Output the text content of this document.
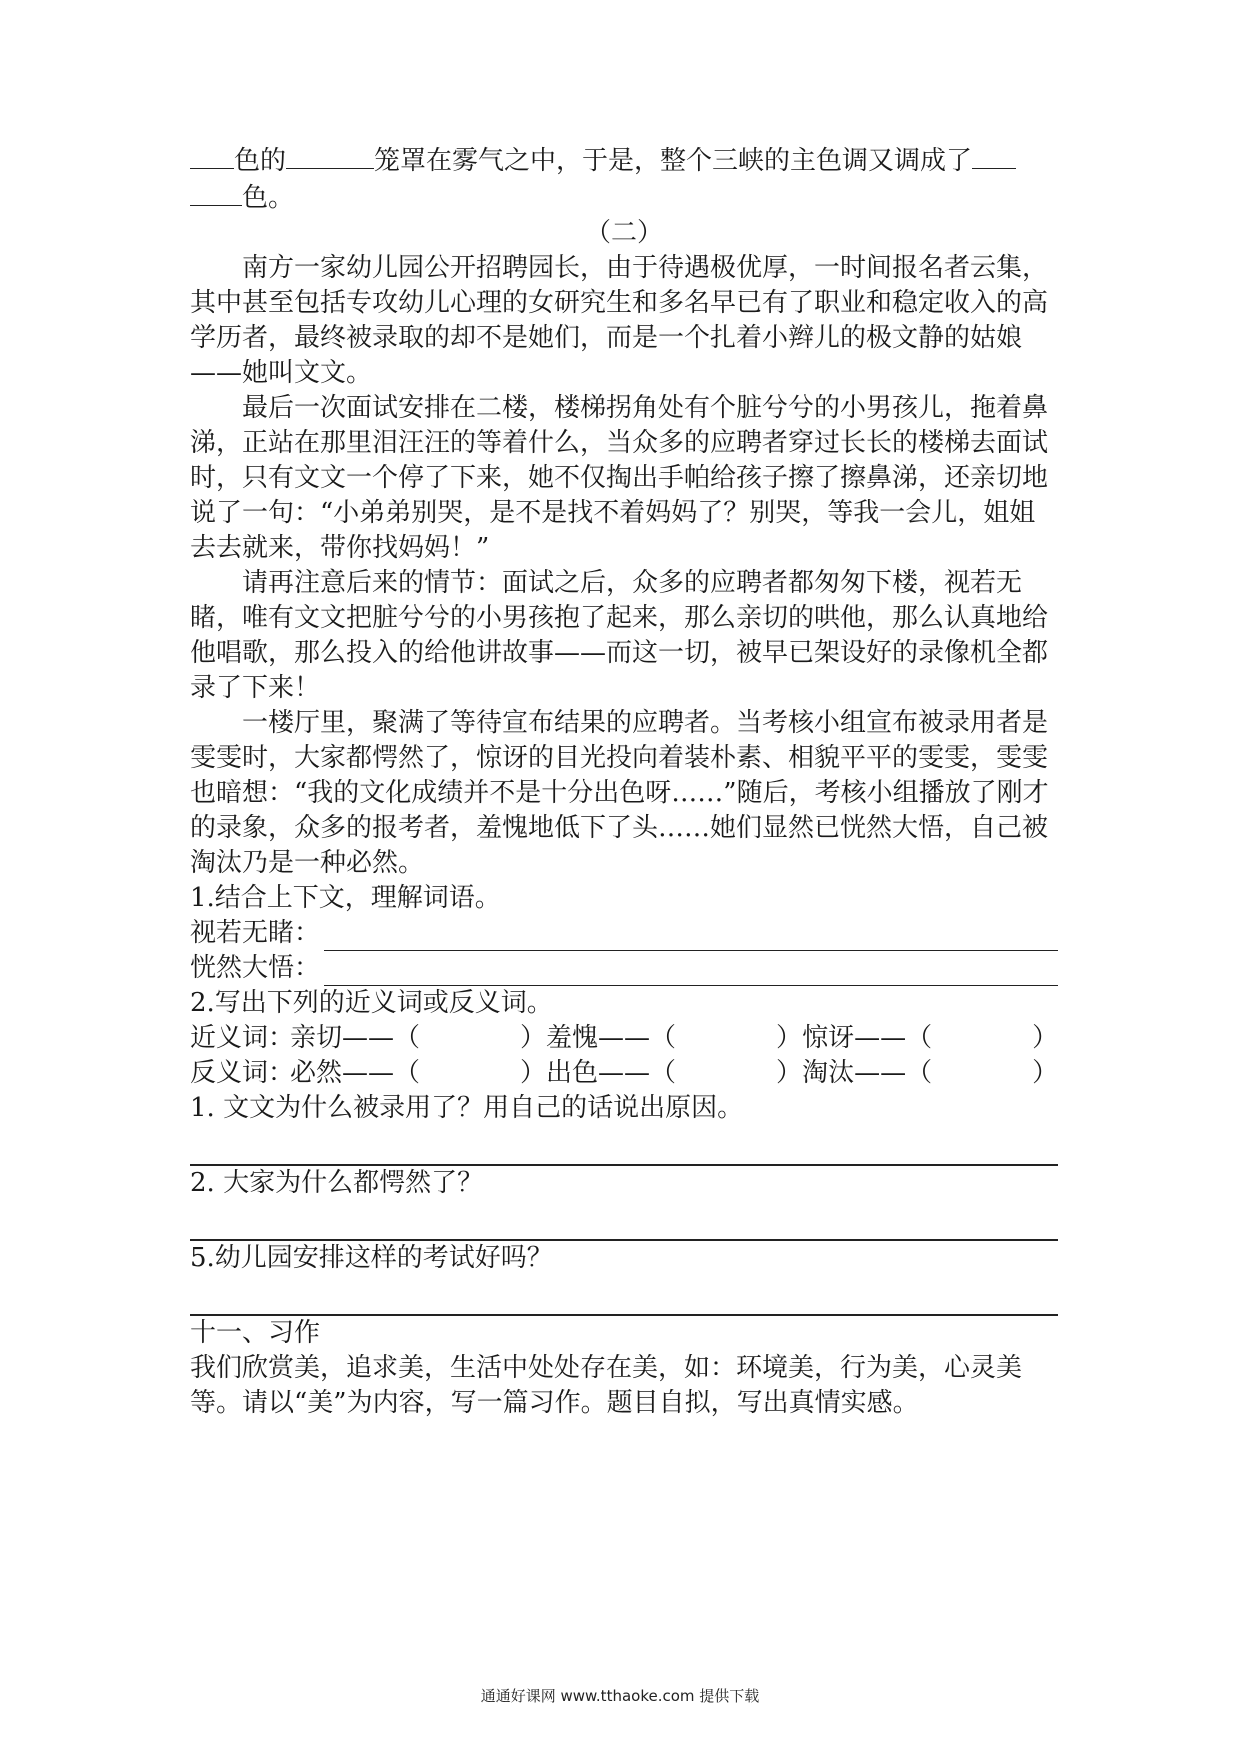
色的	笼罩在雾气之中，于是，整个三峡的主色调又调成了
色。

（二）

南方一家幼儿园公开招聘园长，由于待遇极优厚，一时间报名者云集，其中甚至包括专攻幼儿心理的女研究生和多名早已有了职业和稳定收入的高学历者，最终被录取的却不是她们，而是一个扎着小辫儿的极文静的姑娘——她叫文文。

最后一次面试安排在二楼，楼梯拐角处有个脏兮兮的小男孩儿，拖着鼻涕，正站在那里泪汪汪的等着什么，当众多的应聘者穿过长长的楼梯去面试时，只有文文一个停了下来，她不仅掏出手帕给孩子擦了擦鼻涕，还亲切地说了一句：“小弟弟别哭，是不是找不着妈妈了？别哭，等我一会儿，姐姐去去就来，带你找妈妈！”

请再注意后来的情节：面试之后，众多的应聘者都匆匆下楼，视若无睹，唯有文文把脏兮兮的小男孩抱了起来，那么亲切的哄他，那么认真地给他唱歌，那么投入的给他讲故事——而这一切，被早已架设好的录像机全都录了下来！

一楼厅里，聚满了等待宣布结果的应聘者。当考核小组宣布被录用者是雯雯时，大家都愕然了，惊讶的目光投向着装朴素、相貌平平的雯雯，雯雯也暗想：“我的文化成绩并不是十分出色呀……”随后，考核小组播放了刚才的录象，众多的报考者，羞愧地低下了头……她们显然已恍然大悟，自己被淘汰乃是一种必然。

1.结合上下文，理解词语。

视若无睹：
恍然大悟：

2.写出下列的近义词或反义词。

近义词：
亲切——（	） 羞愧——（	） 惊讶——（	）
反义词：
必然——（	） 出色——（	） 淘汰——（	）

1. 文文为什么被录用了？用自己的话说出原因。

2. 大家为什么都愕然了？

5.幼儿园安排这样的考试好吗？

十一、习作

我们欣赏美，追求美，生活中处处存在美，如：环境美，行为美，心灵美等。请以“美”为内容，写一篇习作。题目自拟，写出真情实感。

通通好课网 www.tthaoke.com 提供下载
